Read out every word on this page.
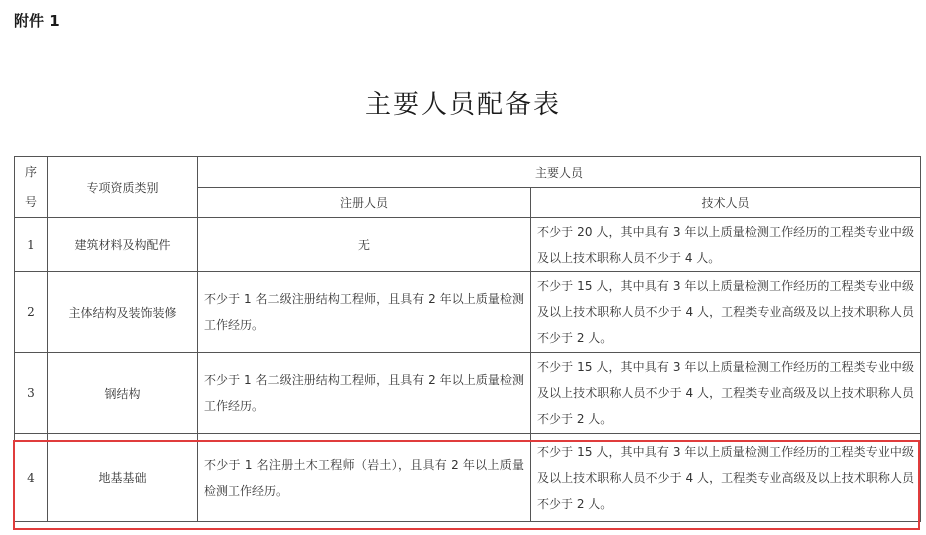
附件 1
主要人员配备表
序
号	专项资质类别	主要人员	
		注册人员	技术人员
1	建筑材料及构配件	无	不少于 20 人，其中具有 3 年以上质量检测工作经历的工程类专业中级及以上技术职称人员不少于 4 人。

2	主体结构及装饰装修	不少于 1 名二级注册结构工程师，且具有 2 年以上质量检测工作经历。	不少于 15 人，其中具有 3 年以上质量检测工作经历的工程类专业中级及以上技术职称人员不少于 4 人，工程类专业高级及以上技术职称人员不少于 2 人。

3	钢结构	不少于 1 名二级注册结构工程师，且具有 2 年以上质量检测工作经历。	不少于 15 人，其中具有 3 年以上质量检测工作经历的工程类专业中级及以上技术职称人员不少于 4 人，工程类专业高级及以上技术职称人员不少于 2 人。

4	地基基础	不少于 1 名注册土木工程师（岩土），且具有 2 年以上质量检测工作经历。	不少于 15 人，其中具有 3 年以上质量检测工作经历的工程类专业中级及以上技术职称人员不少于 4 人，工程类专业高级及以上技术职称人员不少于 2 人。
